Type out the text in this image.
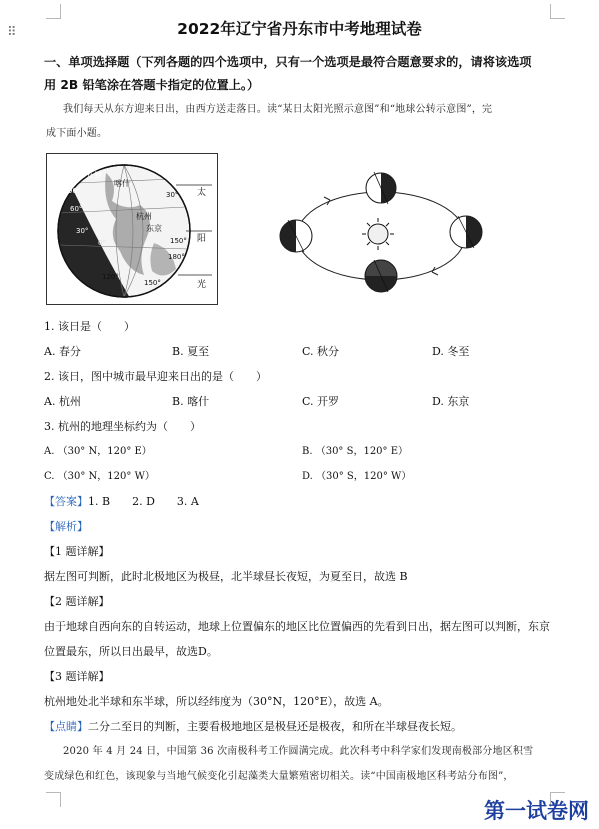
⠿	2022年辽宁省丹东市中考地理试卷
一、单项选择题（下列各题的四个选项中，只有一个选项是最符合题意要求的，请将该选项
用 2B 铅笔涂在答题卡指定的位置上。）
我们每天从东方迎来日出，由西方送走落日。读“某日太阳光照示意图”和“地球公转示意图”，完
成下面小题。
开罗
喀什
杭州
东京
90°
60°
30°
0°
30°
150°
180°
120°
150°
太
阳
光
1. 该日是（　　）
A. 春分	B. 夏至	C. 秋分	D. 冬至
2. 该日，图中城市最早迎来日出的是（　　）
A. 杭州	B. 喀什	C. 开罗	D. 东京
3. 杭州的地理坐标约为（　　）
A. （30° N，120° E）	B. （30° S，120° E）
C. （30° N，120° W）	D. （30° S，120° W）
【答案】1. B　　2. D　　3. A
【解析】
【1 题详解】
据左图可判断，此时北极地区为极昼，北半球昼长夜短，为夏至日，故选 B
【2 题详解】
由于地球自西向东的自转运动，地球上位置偏东的地区比位置偏西的先看到日出，据左图可以判断，东京
位置最东，所以日出最早，故选D。
【3 题详解】
杭州地处北半球和东半球，所以经纬度为（30°N，120°E），故选 A。
【点睛】二分二至日的判断，主要看极地地区是极昼还是极夜，和所在半球昼夜长短。
2020 年 4 月 24 日，中国第 36 次南极科考工作圆满完成。此次科考中科学家们发现南极部分地区积雪
变成绿色和红色，该现象与当地气候变化引起藻类大量繁殖密切相关。读“中国南极地区科考站分布图”，
第一试卷网
